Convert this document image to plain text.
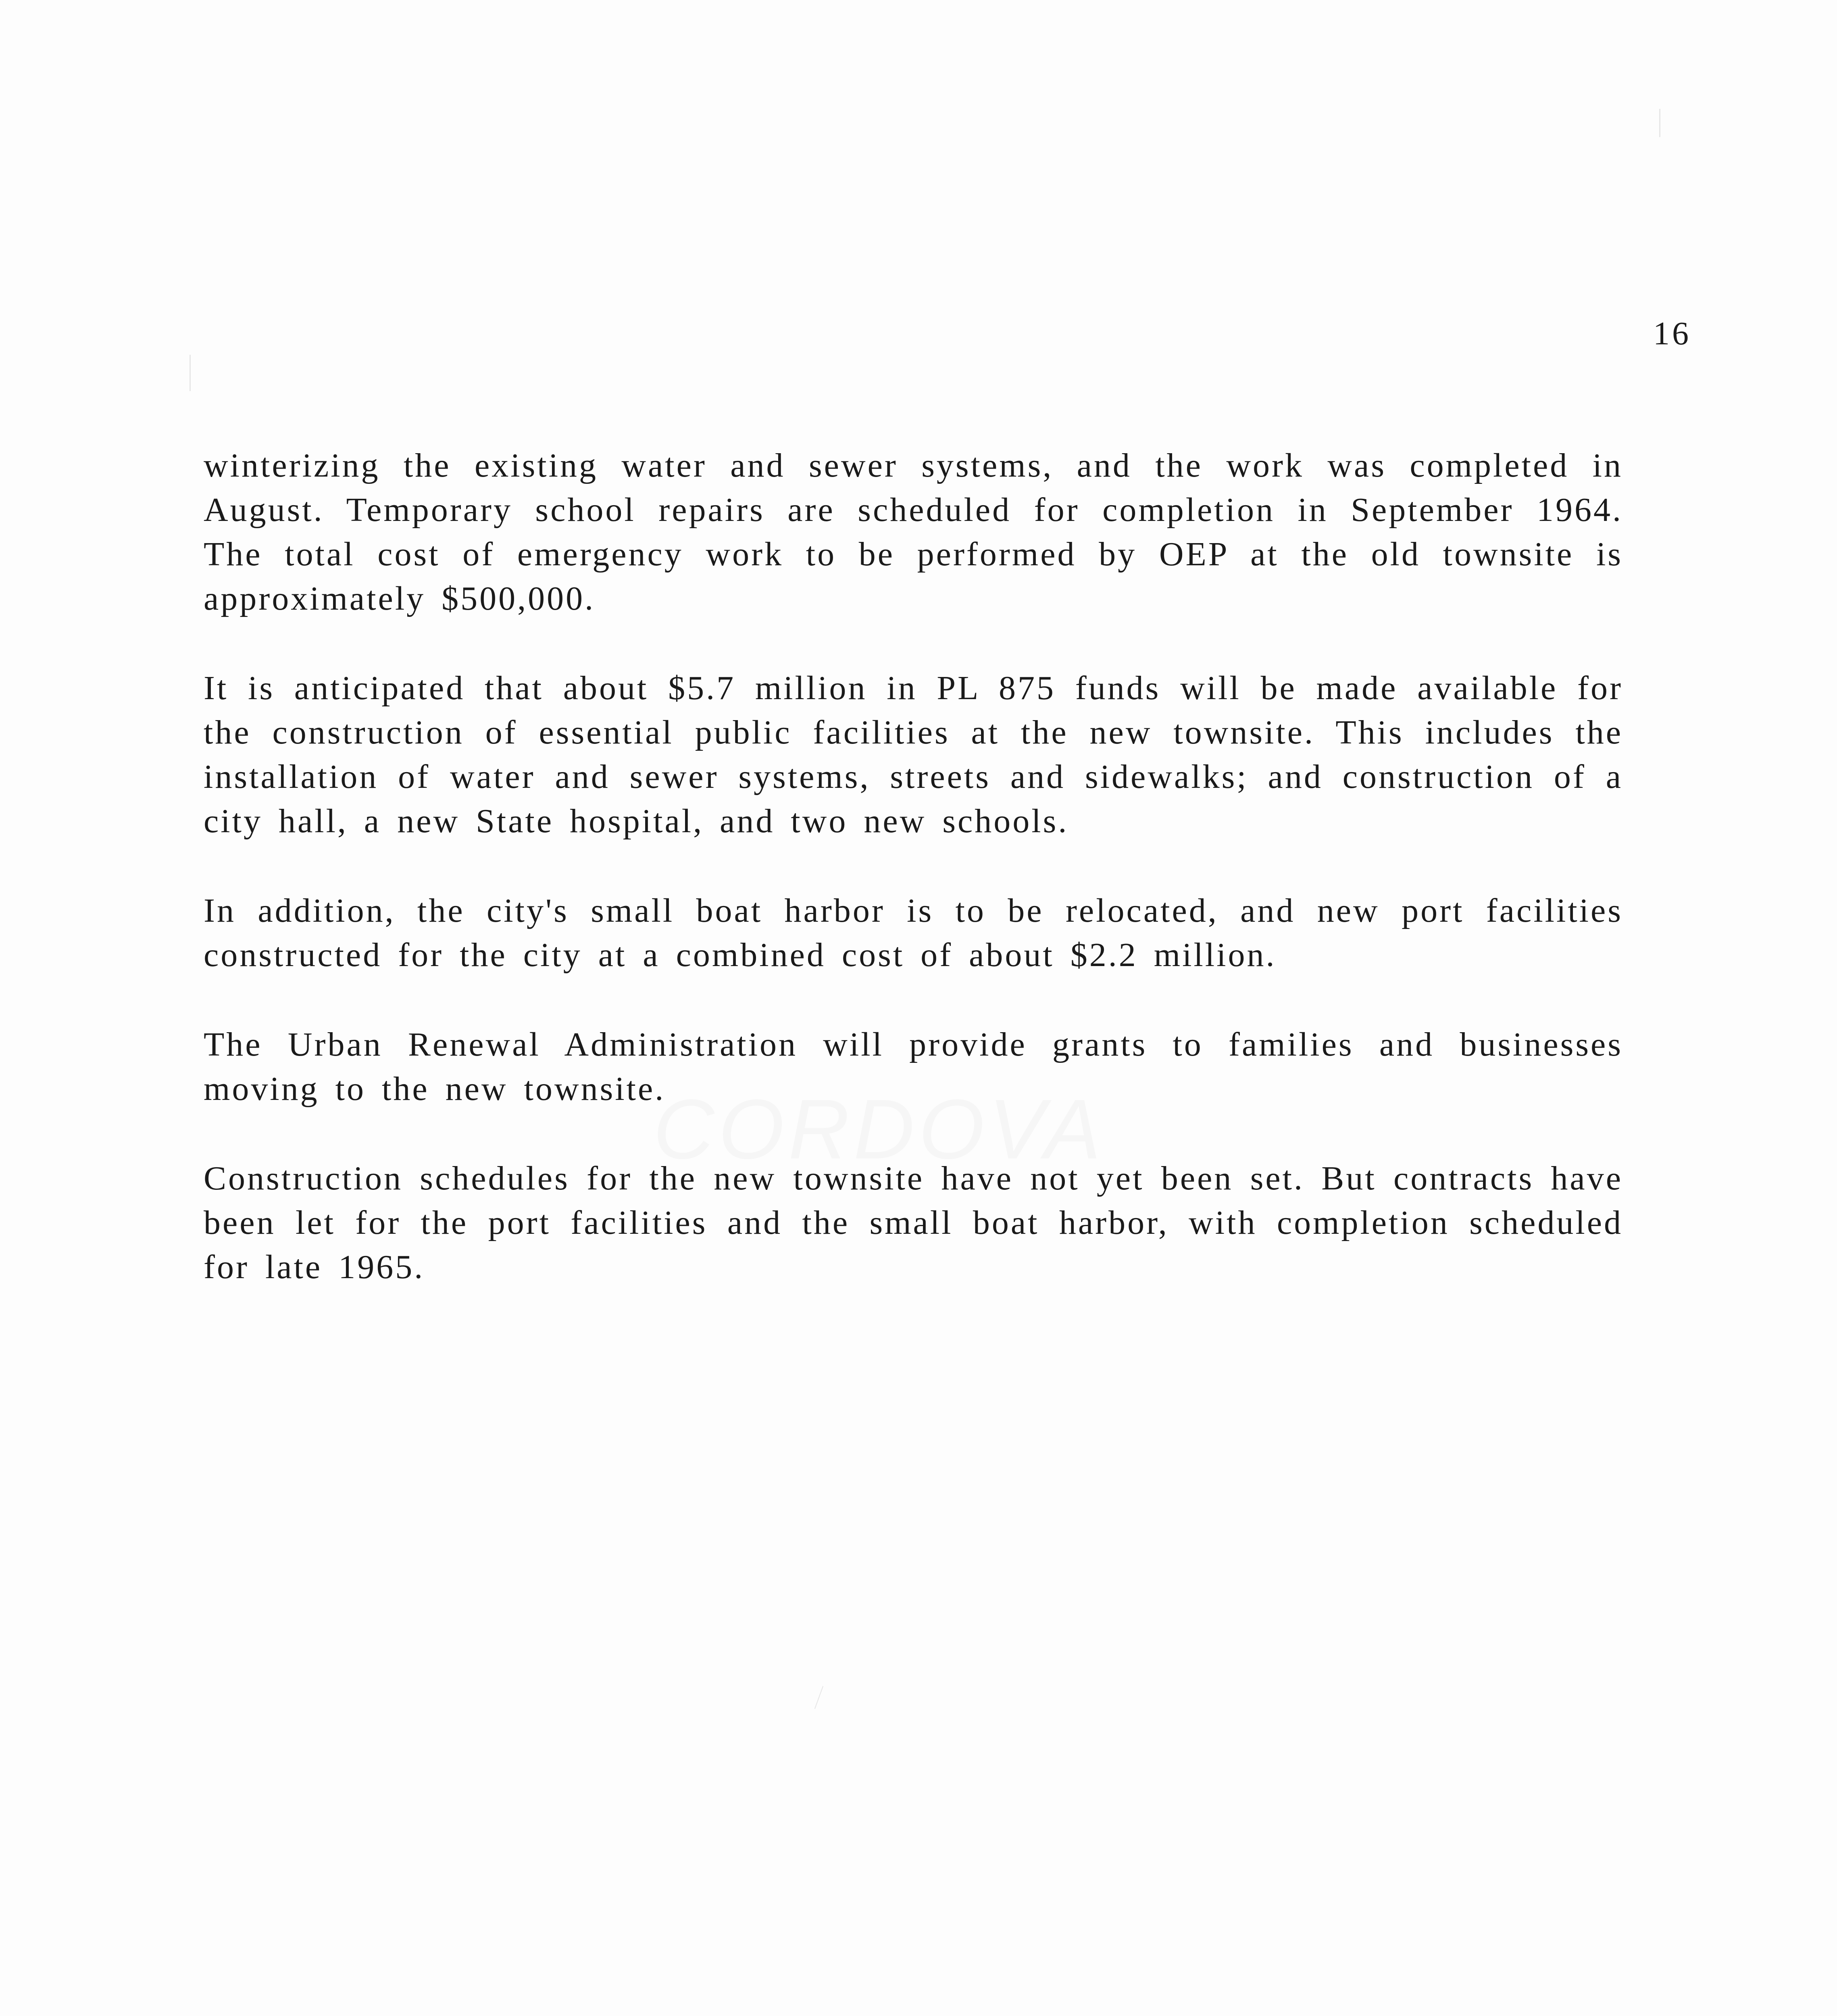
16
CORDOVA

winterizing the existing water and sewer systems, and the work was completed in August. Temporary school repairs are scheduled for completion in September 1964. The total cost of emergency work to be performed by OEP at the old townsite is approximately $500,000.

It is anticipated that about $5.7 million in PL 875 funds will be made available for the construction of essential public facilities at the new townsite. This includes the installation of water and sewer systems, streets and sidewalks; and construction of a city hall, a new State hospital, and two new schools.

In addition, the city's small boat harbor is to be relocated, and new port facilities constructed for the city at a combined cost of about $2.2 million.

The Urban Renewal Administration will provide grants to families and businesses moving to the new townsite.

Construction schedules for the new townsite have not yet been set. But contracts have been let for the port facilities and the small boat harbor, with completion scheduled for late 1965.
